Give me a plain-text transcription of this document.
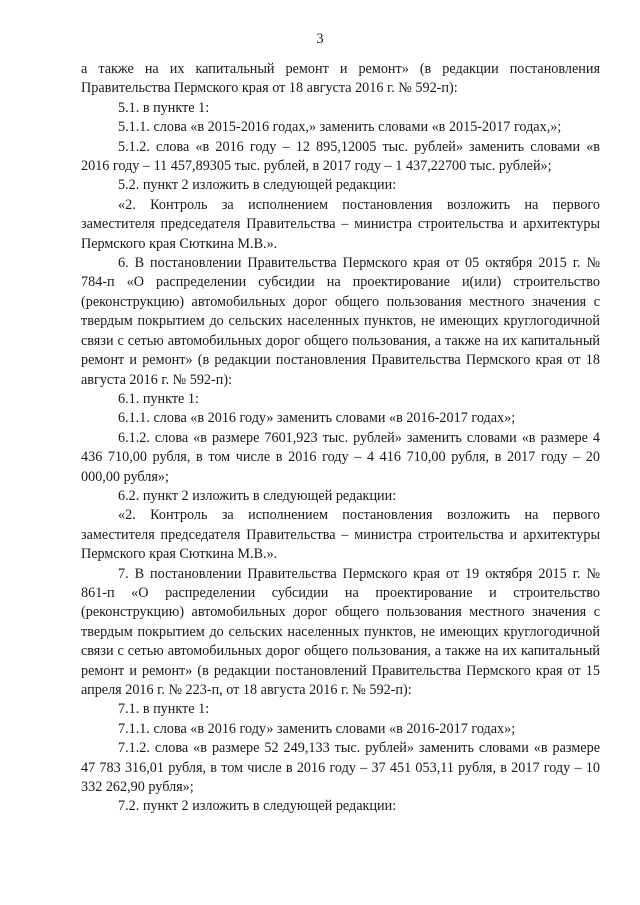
3

а также на их капитальный ремонт и ремонт» (в редакции постановления Правительства Пермского края от 18 августа 2016 г. № 592-п):

5.1. в пункте 1:

5.1.1. слова «в 2015-2016 годах,» заменить словами «в 2015-2017 годах,»;

5.1.2. слова «в 2016 году – 12 895,12005 тыс. рублей» заменить словами «в 2016 году – 11 457,89305 тыс. рублей, в 2017 году – 1 437,22700 тыс. рублей»;

5.2. пункт 2 изложить в следующей редакции:

«2. Контроль за исполнением постановления возложить на первого заместителя председателя Правительства – министра строительства и архитектуры Пермского края Сюткина М.В.».

6. В постановлении Правительства Пермского края от 05 октября 2015 г. № 784-п «О распределении субсидии на проектирование и(или) строительство (реконструкцию) автомобильных дорог общего пользования местного значения с твердым покрытием до сельских населенных пунктов, не имеющих круглогодичной связи с сетью автомобильных дорог общего пользования, а также на их капитальный ремонт и ремонт» (в редакции постановления Правительства Пермского края от 18 августа 2016 г. № 592-п):

6.1. пункте 1:

6.1.1. слова «в 2016 году» заменить словами «в 2016-2017 годах»;

6.1.2. слова «в размере 7601,923 тыс. рублей» заменить словами «в размере 4 436 710,00 рубля, в том числе в 2016 году – 4 416 710,00 рубля, в 2017 году – 20 000,00 рубля»;

6.2. пункт 2 изложить в следующей редакции:

«2. Контроль за исполнением постановления возложить на первого заместителя председателя Правительства – министра строительства и архитектуры Пермского края Сюткина М.В.».

7. В постановлении Правительства Пермского края от 19 октября 2015 г. № 861-п «О распределении субсидии на проектирование и строительство (реконструкцию) автомобильных дорог общего пользования местного значения с твердым покрытием до сельских населенных пунктов, не имеющих круглогодичной связи с сетью автомобильных дорог общего пользования, а также на их капитальный ремонт и ремонт» (в редакции постановлений Правительства Пермского края от 15 апреля 2016 г. № 223-п, от 18 августа 2016 г. № 592-п):

7.1. в пункте 1:

7.1.1. слова «в 2016 году» заменить словами «в 2016-2017 годах»;

7.1.2. слова «в размере 52 249,133 тыс. рублей» заменить словами «в размере 47 783 316,01 рубля, в том числе в 2016 году – 37 451 053,11 рубля, в 2017 году – 10 332 262,90 рубля»;

7.2. пункт 2 изложить в следующей редакции:
